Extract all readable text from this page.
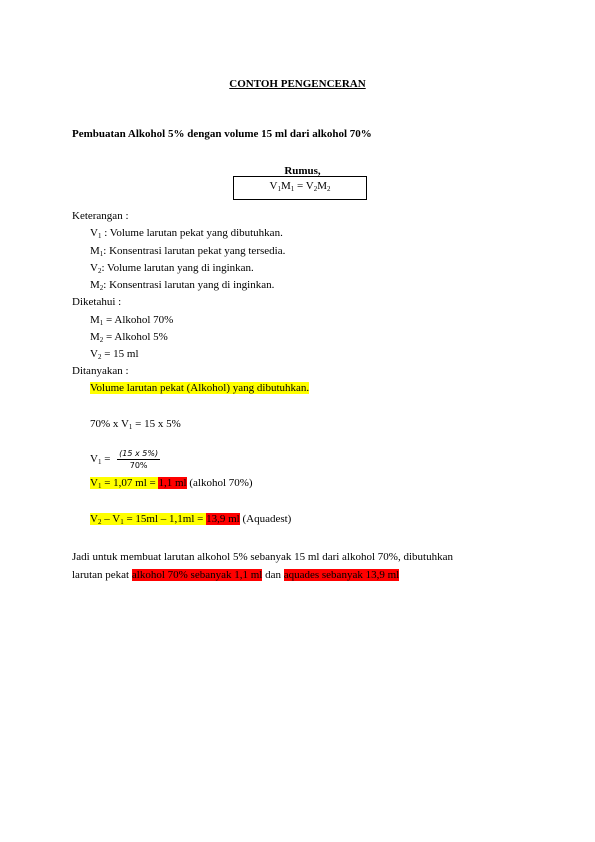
CONTOH PENGENCERAN
Pembuatan Alkohol 5% dengan volume 15 ml dari alkohol 70%
Rumus,
$V_1M_1 = V_2M_2$
Keterangan :
$V_1$ : Volume larutan pekat yang dibutuhkan.
$M_1$: Konsentrasi larutan pekat yang tersedia.
$V_2$: Volume larutan yang di inginkan.
$M_2$: Konsentrasi larutan yang di inginkan.
Diketahui :
$M_1$ = Alkohol 70%
$M_2$ = Alkohol 5%
$V_2 = 15$ ml
Ditanyakan :
Volume larutan pekat (Alkohol) yang dibutuhkan.
70% x $V_1 = 15$ x 5%
$V_1 = \frac{(15 x 5\%)}{70\%}$
$V_1 = 1,07$ ml = 1,1 ml (alkohol 70%)
$V_2 - V_1 = 15ml - 1,1ml = 13,9$ ml (Aquadest)
Jadi untuk membuat larutan alkohol 5% sebanyak 15 ml dari alkohol 70%, dibutuhkan
larutan pekat alkohol 70% sebanyak 1,1 ml dan aquades sebanyak 13,9 ml
